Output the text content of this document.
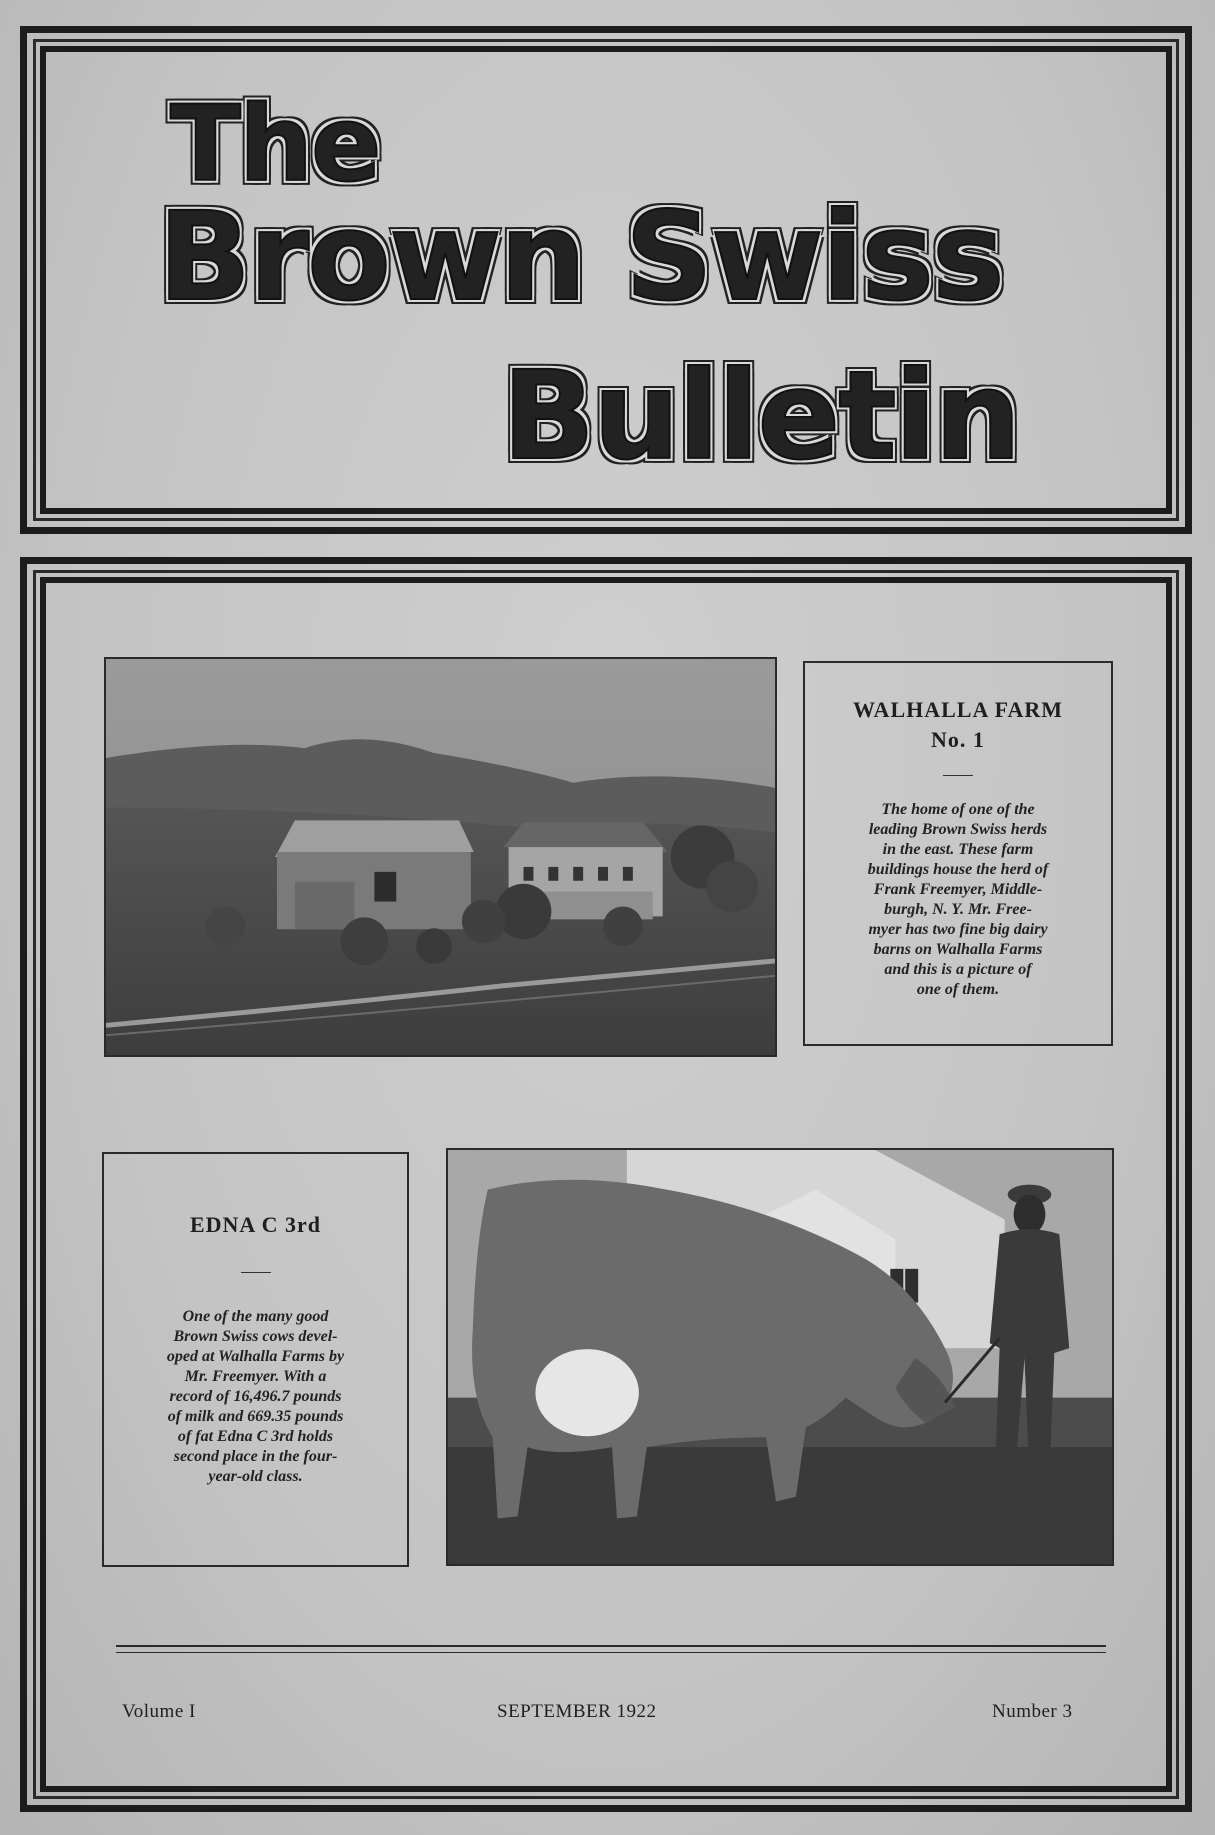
The
Brown Swiss
Bulletin

WALHALLA FARM
No. 1

The home of one of the
leading Brown Swiss herds
in the east. These farm
buildings house the herd of
Frank Freemyer, Middle-
burgh, N. Y. Mr. Free-
myer has two fine big dairy
barns on Walhalla Farms
and this is a picture of
one of them.

EDNA C 3rd

One of the many good
Brown Swiss cows devel-
oped at Walhalla Farms by
Mr. Freemyer. With a
record of 16,496.7 pounds
of milk and 669.35 pounds
of fat Edna C 3rd holds
second place in the four-
year-old class.

Volume I	SEPTEMBER 1922	Number 3
